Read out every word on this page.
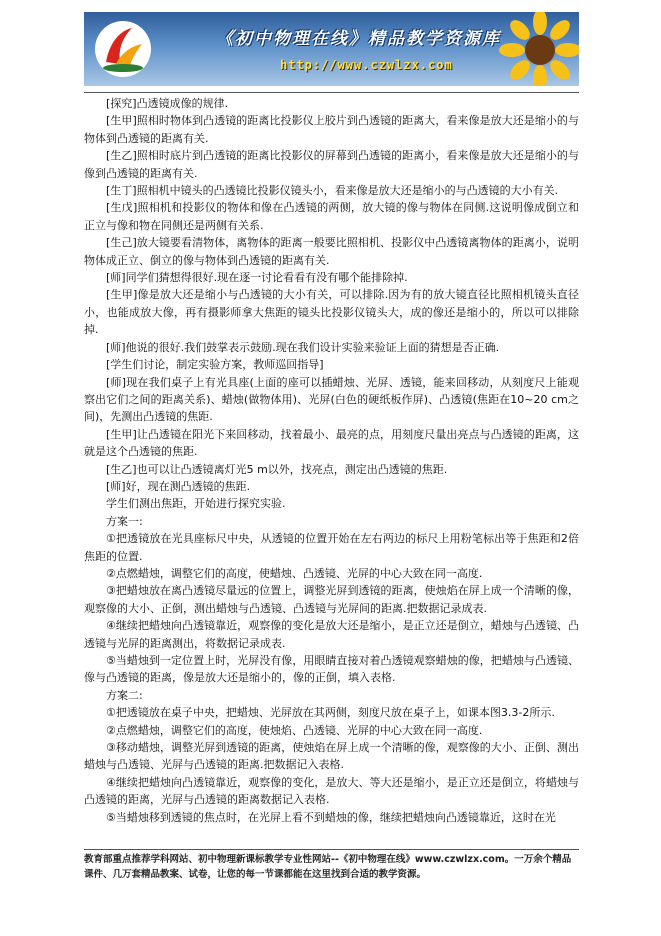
《初中物理在线》精品教学资源库
http://www.czwlzx.com

[探究]凸透镜成像的规律.

[生甲]照相时物体到凸透镜的距离比投影仪上胶片到凸透镜的距离大，看来像是放大还是缩小的与物体到凸透镜的距离有关.

[生乙]照相时底片到凸透镜的距离比投影仪的屏幕到凸透镜的距离小，看来像是放大还是缩小的与像到凸透镜的距离有关.

[生丁]照相机中镜头的凸透镜比投影仪镜头小，看来像是放大还是缩小的与凸透镜的大小有关.

[生戊]照相机和投影仪的物体和像在凸透镜的两侧，放大镜的像与物体在同侧.这说明像成倒立和正立与像和物在同侧还是两侧有关系.

[生己]放大镜要看清物体，离物体的距离一般要比照相机、投影仪中凸透镜离物体的距离小，说明物体成正立、倒立的像与物体到凸透镜的距离有关.

[师]同学们猜想得很好.现在逐一讨论看看有没有哪个能排除掉.

[生甲]像是放大还是缩小与凸透镜的大小有关，可以排除.因为有的放大镜直径比照相机镜头直径小，也能成放大像，再有摄影师拿大焦距的镜头比投影仪镜头大，成的像还是缩小的，所以可以排除掉.

[师]他说的很好.我们鼓掌表示鼓励.现在我们设计实验来验证上面的猜想是否正确.

[学生们讨论，制定实验方案，教师巡回指导]

[师]现在我们桌子上有光具座(上面的座可以插蜡烛、光屏、透镜，能来回移动，从刻度尺上能观察出它们之间的距离关系)、蜡烛(做物体用)、光屏(白色的硬纸板作屏)、凸透镜(焦距在10~20 cm之间)，先测出凸透镜的焦距.

[生甲]让凸透镜在阳光下来回移动，找着最小、最亮的点，用刻度尺量出亮点与凸透镜的距离，这就是这个凸透镜的焦距.

[生乙]也可以让凸透镜离灯光5 m以外，找亮点，测定出凸透镜的焦距.

[师]好，现在测凸透镜的焦距.

学生们测出焦距，开始进行探究实验.

方案一:

①把透镜放在光具座标尺中央，从透镜的位置开始在左右两边的标尺上用粉笔标出等于焦距和2倍焦距的位置.

②点燃蜡烛，调整它们的高度，使蜡烛、凸透镜、光屏的中心大致在同一高度.

③把蜡烛放在离凸透镜尽量远的位置上，调整光屏到透镜的距离，使烛焰在屏上成一个清晰的像，观察像的大小、正倒，测出蜡烛与凸透镜、凸透镜与光屏间的距离.把数据记录成表.

④继续把蜡烛向凸透镜靠近，观察像的变化是放大还是缩小，是正立还是倒立，蜡烛与凸透镜、凸透镜与光屏的距离测出，将数据记录成表.

⑤当蜡烛到一定位置上时，光屏没有像，用眼睛直接对着凸透镜观察蜡烛的像，把蜡烛与凸透镜、像与凸透镜的距离，像是放大还是缩小的，像的正倒，填入表格.

方案二:

①把透镜放在桌子中央，把蜡烛、光屏放在其两侧，刻度尺放在桌子上，如课本图3.3-2所示.

②点燃蜡烛，调整它们的高度，使烛焰、凸透镜、光屏的中心大致在同一高度.

③移动蜡烛，调整光屏到透镜的距离，使烛焰在屏上成一个清晰的像，观察像的大小、正倒、测出蜡烛与凸透镜、光屏与凸透镜的距离.把数据记入表格.

④继续把蜡烛向凸透镜靠近，观察像的变化，是放大、等大还是缩小，是正立还是倒立，将蜡烛与凸透镜的距离，光屏与凸透镜的距离数据记入表格.

⑤当蜡烛移到透镜的焦点时，在光屏上看不到蜡烛的像，继续把蜡烛向凸透镜靠近，这时在光

教育部重点推荐学科网站、初中物理新课标教学专业性网站--《初中物理在线》www.czwlzx.com。一万余个精品课件、几万套精品教案、试卷，让您的每一节课都能在这里找到合适的教学资源。
